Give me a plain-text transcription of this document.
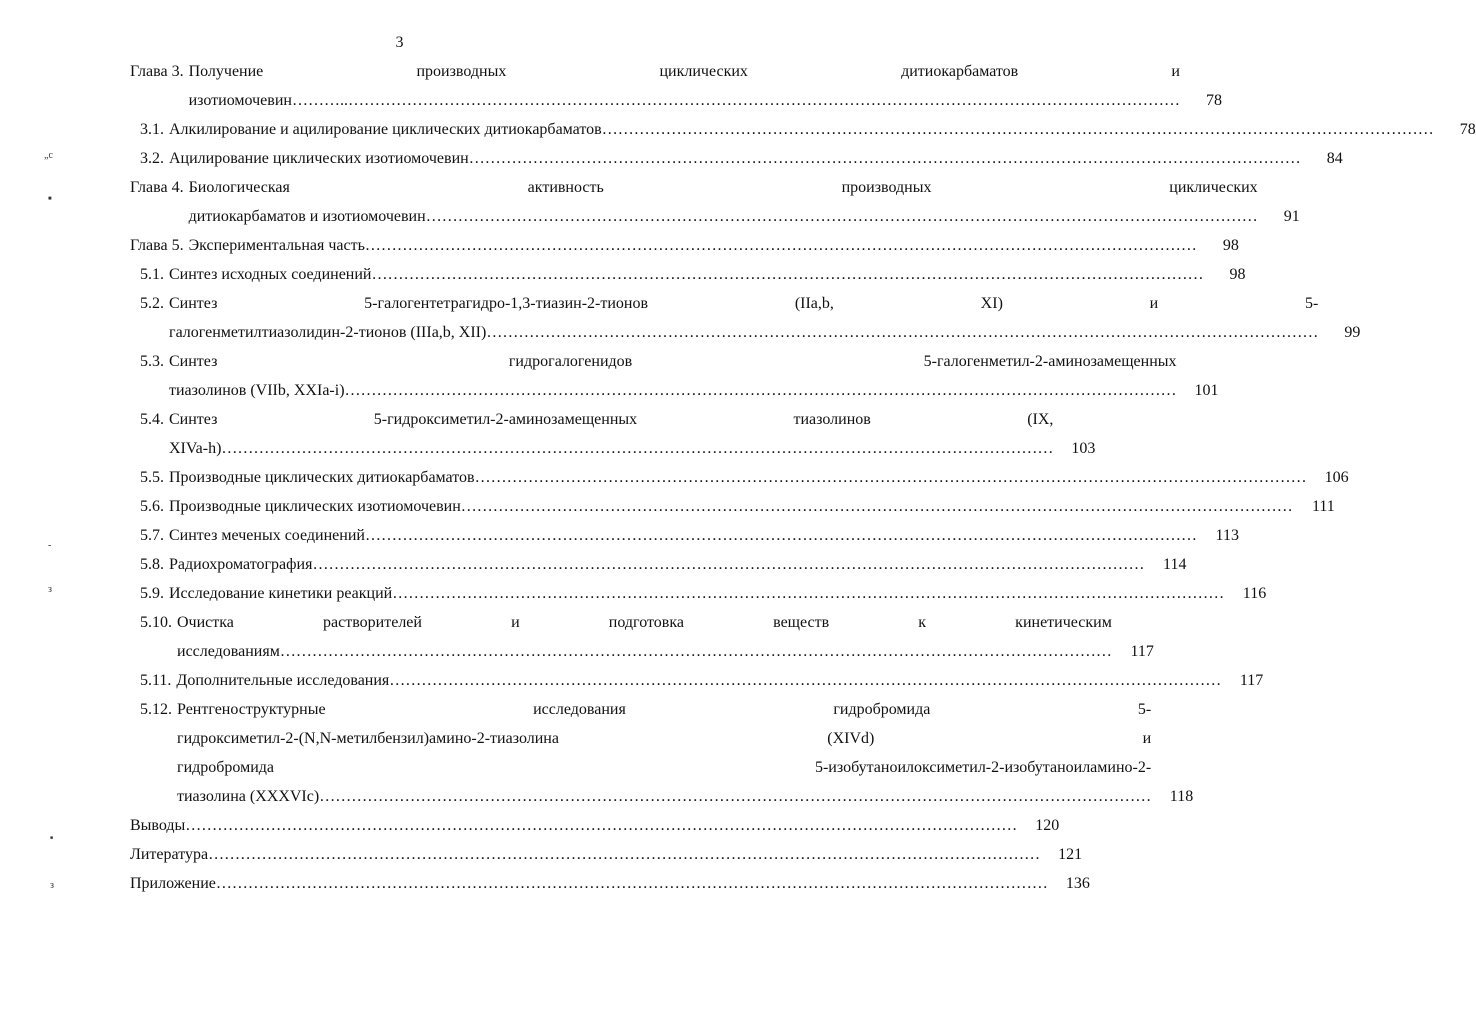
3
„с
■
-
з
■
з
Глава 3. Получение производных циклических дитиокарбаматов и
изотиомочевин……….. …………………………………………………………………………………………………………………………………………	78
3.1. Алкилирование и ацилирование циклических дитиокарбаматов …………………………………………………………………………………………………………………………………………	78
3.2. Ацилирование циклических изотиомочевин …………………………………………………………………………………………………………………………………………	84
Глава 4. Биологическая активность производных циклических
дитиокарбаматов и изотиомочевин …………………………………………………………………………………………………………………………………………	91
Глава 5. Экспериментальная часть …………………………………………………………………………………………………………………………………………	98
5.1. Синтез исходных соединений …………………………………………………………………………………………………………………………………………	98
5.2. Синтез 5-галогентетрагидро-1,3-тиазин-2-тионов (IIa,b, XI) и 5-
галогенметилтиазолидин-2-тионов (IIIa,b, XII) …………………………………………………………………………………………………………………………………………	99
5.3. Синтез гидрогалогенидов 5-галогенметил-2-аминозамещенных
тиазолинов (VIIb, XXIa-i) …………………………………………………………………………………………………………………………………………	101
5.4. Синтез 5-гидроксиметил-2-аминозамещенных тиазолинов (IX,
XIVa-h) …………………………………………………………………………………………………………………………………………	103
5.5. Производные циклических дитиокарбаматов …………………………………………………………………………………………………………………………………………	106
5.6. Производные циклических изотиомочевин …………………………………………………………………………………………………………………………………………	111
5.7. Синтез меченых соединений …………………………………………………………………………………………………………………………………………	113
5.8. Радиохроматография …………………………………………………………………………………………………………………………………………	114
5.9. Исследование кинетики реакций …………………………………………………………………………………………………………………………………………	116
5.10. Очистка растворителей и подготовка веществ к кинетическим
исследованиям …………………………………………………………………………………………………………………………………………	117
5.11. Дополнительные исследования …………………………………………………………………………………………………………………………………………	117
5.12. Рентгеноструктурные исследования гидробромида 5-
гидроксиметил-2-(N,N-метилбензил)амино-2-тиазолина (XIVd) и
гидробромида 5-изобутаноилоксиметил-2-изобутаноиламино-2-
тиазолина (XXXVIc) …………………………………………………………………………………………………………………………………………	118
Выводы …………………………………………………………………………………………………………………………………………	120
Литература …………………………………………………………………………………………………………………………………………	121
Приложение …………………………………………………………………………………………………………………………………………	136
